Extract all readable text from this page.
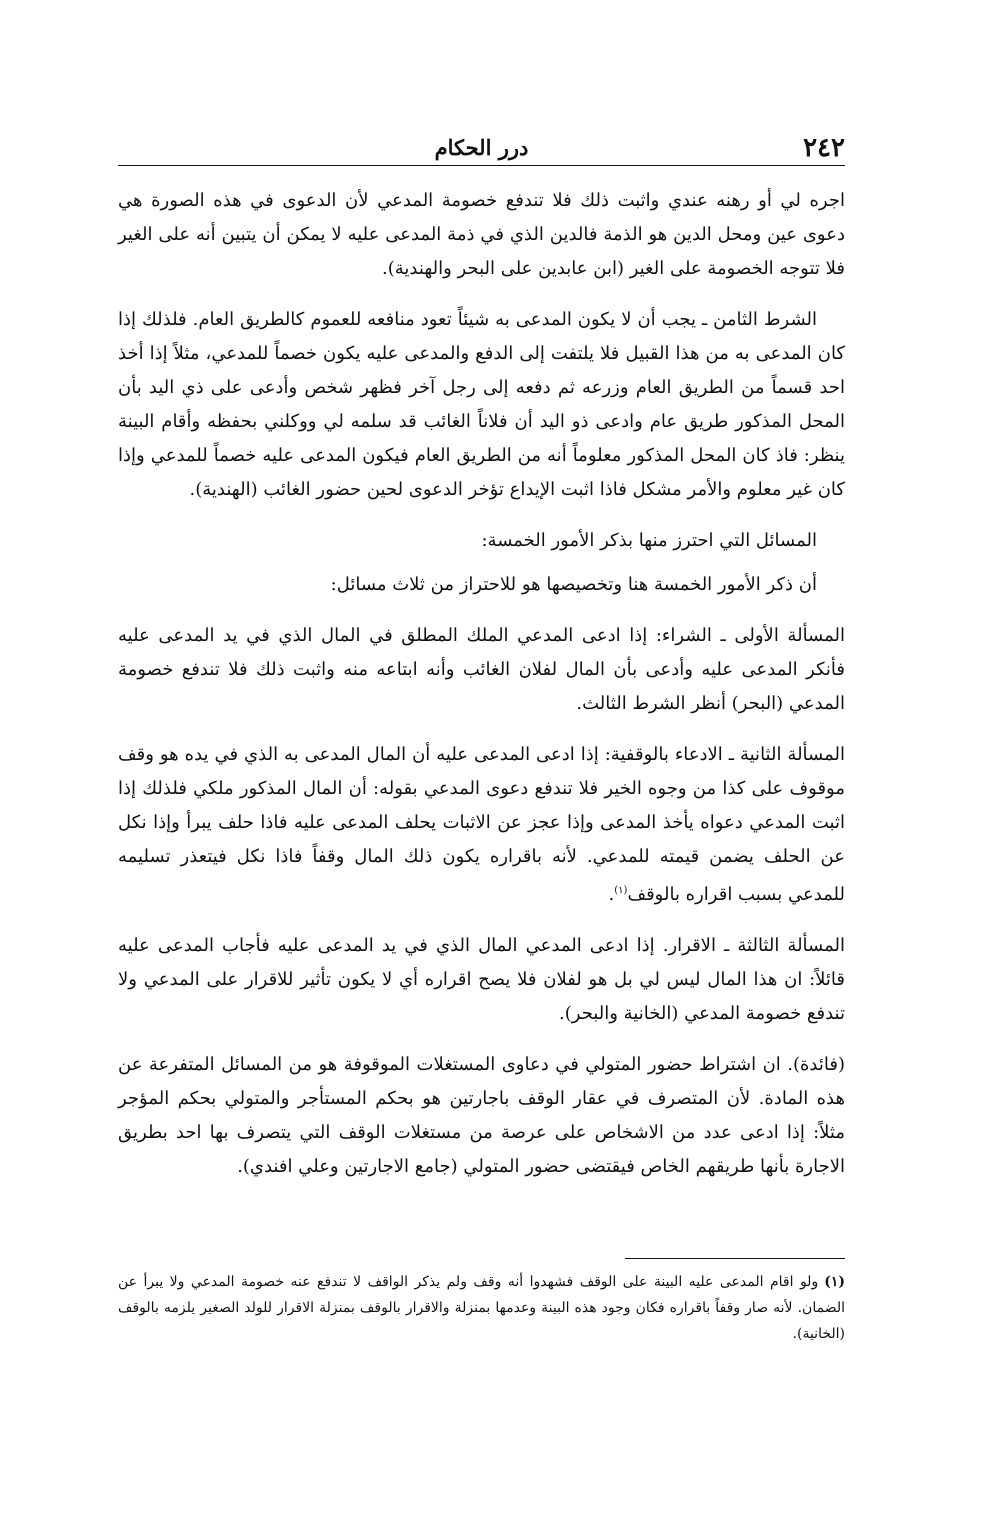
٢٤٢
درر الحكام

اجره لي أو رهنه عندي واثبت ذلك فلا تندفع خصومة المدعي لأن الدعوى في هذه الصورة هي دعوى عين ومحل الدين هو الذمة فالدين الذي في ذمة المدعى عليه لا يمكن أن يتبين أنه على الغير فلا تتوجه الخصومة على الغير (ابن عابدين على البحر والهندية).

الشرط الثامن ـ يجب أن لا يكون المدعى به شيئاً تعود منافعه للعموم كالطريق العام. فلذلك إذا كان المدعى به من هذا القبيل فلا يلتفت إلى الدفع والمدعى عليه يكون خصماً للمدعي، مثلاً إذا أخذ احد قسماً من الطريق العام وزرعه ثم دفعه إلى رجل آخر فظهر شخص وأدعى على ذي اليد بأن المحل المذكور طريق عام وادعى ذو اليد أن فلاناً الغائب قد سلمه لي ووكلني بحفظه وأقام البينة ينظر: فاذ كان المحل المذكور معلوماً أنه من الطريق العام فيكون المدعى عليه خصماً للمدعي وإذا كان غير معلوم والأمر مشكل فاذا اثبت الإيداع تؤخر الدعوى لحين حضور الغائب (الهندية).

المسائل التي احترز منها بذكر الأمور الخمسة:

أن ذكر الأمور الخمسة هنا وتخصيصها هو للاحتراز من ثلاث مسائل:

المسألة الأولى ـ الشراء: إذا ادعى المدعي الملك المطلق في المال الذي في يد المدعى عليه فأنكر المدعى عليه وأدعى بأن المال لفلان الغائب وأنه ابتاعه منه واثبت ذلك فلا تندفع خصومة المدعي (البحر) أنظر الشرط الثالث.

المسألة الثانية ـ الادعاء بالوقفية: إذا ادعى المدعى عليه أن المال المدعى به الذي في يده هو وقف موقوف على كذا من وجوه الخير فلا تندفع دعوى المدعي بقوله: أن المال المذكور ملكي فلذلك إذا اثبت المدعي دعواه يأخذ المدعى وإذا عجز عن الاثبات يحلف المدعى عليه فاذا حلف يبرأ وإذا نكل عن الحلف يضمن قيمته للمدعي. لأنه باقراره يكون ذلك المال وقفاً فاذا نكل فيتعذر تسليمه للمدعي بسبب اقراره بالوقف$^{(١)}$.

المسألة الثالثة ـ الاقرار. إذا ادعى المدعي المال الذي في يد المدعى عليه فأجاب المدعى عليه قائلاً: ان هذا المال ليس لي بل هو لفلان فلا يصح اقراره أي لا يكون تأثير للاقرار على المدعي ولا تندفع خصومة المدعي (الخانية والبحر).

(فائدة). ان اشتراط حضور المتولي في دعاوى المستغلات الموقوفة هو من المسائل المتفرعة عن هذه المادة. لأن المتصرف في عقار الوقف باجارتين هو بحكم المستأجر والمتولي بحكم المؤجر مثلاً: إذا ادعى عدد من الاشخاص على عرصة من مستغلات الوقف التي يتصرف بها احد بطريق الاجارة بأنها طريقهم الخاص فيقتضى حضور المتولي (جامع الاجارتين وعلي افندي).

(١)ولو اقام المدعى عليه البينة على الوقف فشهدوا أنه وقف ولم يذكر الواقف لا تندفع عنه خصومة المدعي ولا يبرأ عن الضمان. لأنه صار وقفاً باقراره فكان وجود هذه البينة وعدمها بمنزلة والاقرار بالوقف بمنزلة الاقرار للولد الصغير يلزمه بالوقف (الخانية).
